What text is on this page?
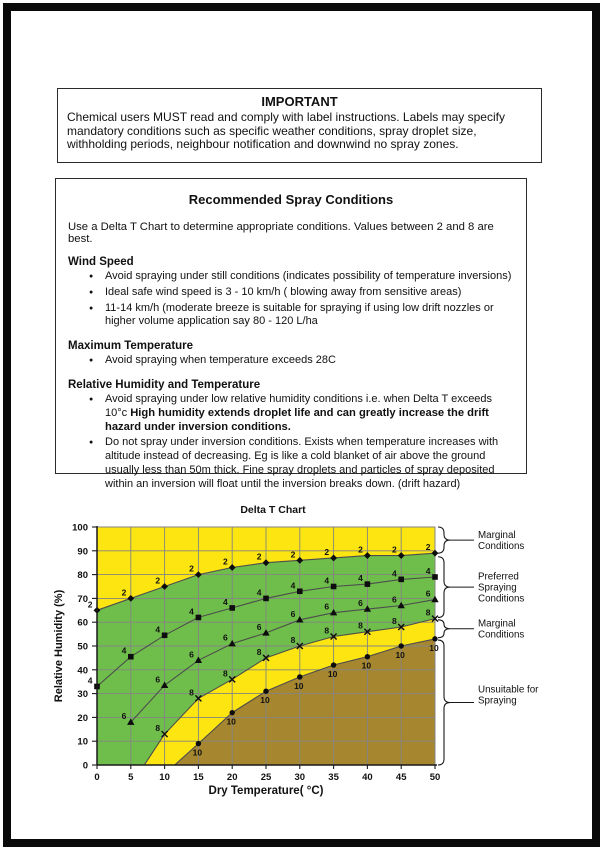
IMPORTANT
Chemical users MUST read and comply with label instructions. Labels may specify mandatory conditions such as specific weather conditions, spray droplet size, withholding periods, neighbour notification and downwind no spray zones.
Recommended Spray Conditions
Use a Delta T Chart to determine appropriate conditions. Values between 2 and 8 are best.
Wind Speed
●	Avoid spraying under still conditions (indicates possibility of temperature inversions)
●	Ideal safe wind speed is 3 - 10 km/h ( blowing away from sensitive areas)
●	11-14 km/h (moderate breeze is suitable for spraying if using low drift nozzles or higher volume application say 80 - 120 L/ha
Maximum Temperature
●	Avoid spraying when temperature exceeds 28C
Relative Humidity and Temperature
●	Avoid spraying under low relative humidity conditions i.e. when Delta T exceeds 10°c High humidity extends droplet life and can greatly increase the drift hazard under inversion conditions.
●	Do not spray under inversion conditions. Exists when temperature increases with altitude instead of decreasing. Eg is like a cold blanket of air above the ground usually less than 50m thick. Fine spray droplets and particles of spray deposited within an inversion will float until the inversion breaks down. (drift hazard)
2
2
2
2
2	2	2	2	2	2	2
4
4
4
4
4
4
4	4	4	4	4
6
6
6
6
6
6
6	6	6
6
8
8
8
8
8
8	8	8
8
10
10
10
10
10
10
10
10
0
10
20
30
40
50
60
70
80
90
100
0	5	10 15 20 25 30 35 40 45 50
Delta T Chart
Dry Temperature( °C)
Relative Humidity (%)
Marginal
Conditions
Preferred
Spraying
Conditions
Marginal
Conditions
Unsuitable for
Spraying
